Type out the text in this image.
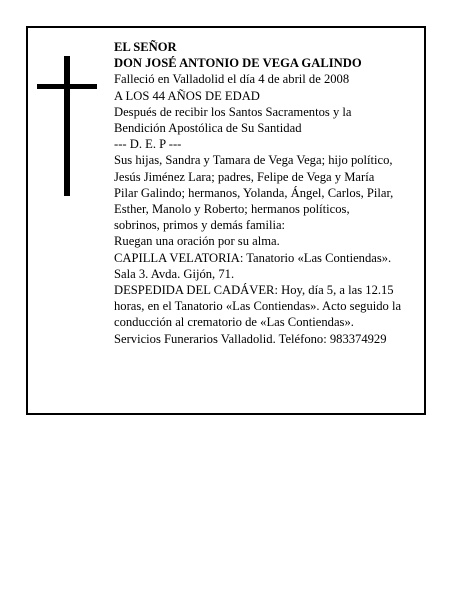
EL SEÑOR
DON JOSÉ ANTONIO DE VEGA GALINDO
Falleció en Valladolid el día 4 de abril de 2008
A LOS 44 AÑOS DE EDAD
Después de recibir los Santos Sacramentos y la
Bendición Apostólica de Su Santidad
--- D. E. P ---
Sus hijas, Sandra y Tamara de Vega Vega; hijo político,
Jesús Jiménez Lara; padres, Felipe de Vega y María
Pilar Galindo; hermanos, Yolanda, Ángel, Carlos, Pilar,
Esther, Manolo y Roberto; hermanos políticos,
sobrinos, primos y demás familia:
Ruegan una oración por su alma.
CAPILLA VELATORIA: Tanatorio «Las Contiendas».
Sala 3. Avda. Gijón, 71.
DESPEDIDA DEL CADÁVER: Hoy, día 5, a las 12.15
horas, en el Tanatorio «Las Contiendas». Acto seguido la
conducción al crematorio de «Las Contiendas».
Servicios Funerarios Valladolid. Teléfono: 983374929
